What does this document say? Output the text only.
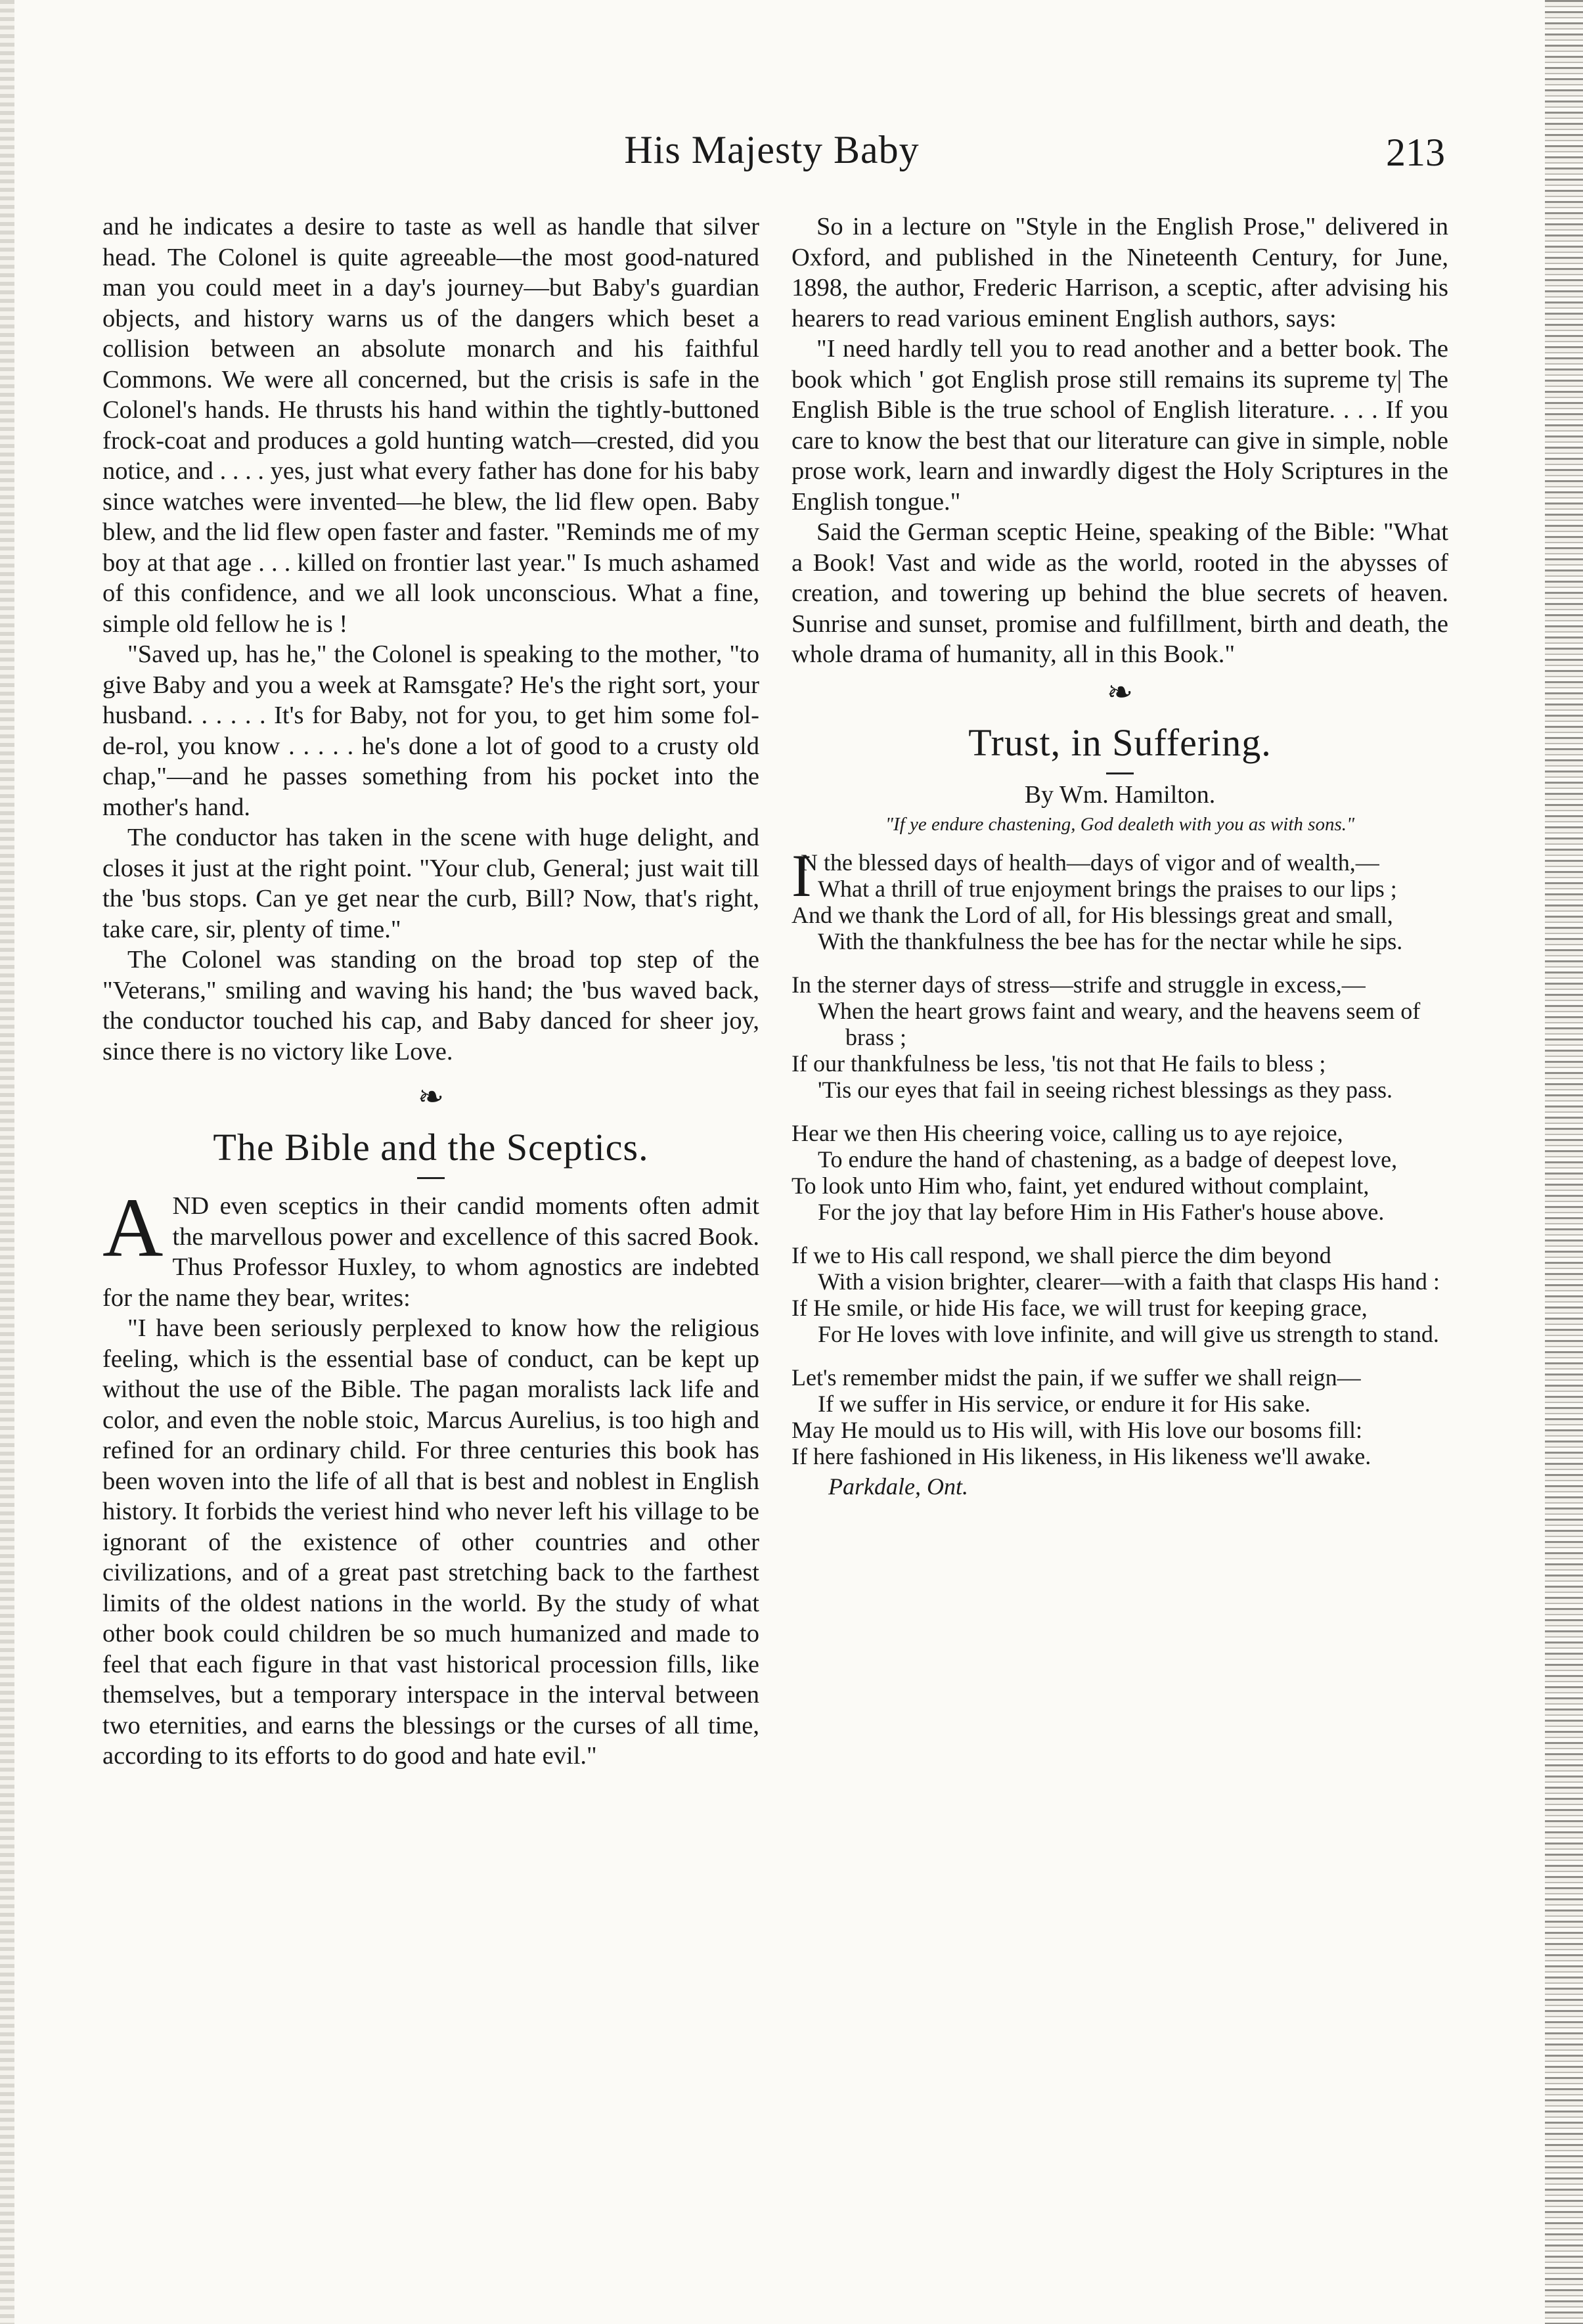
His Majesty Baby	213

and he indicates a desire to taste as well as handle that silver head. The Colonel is quite agreeable—the most good-natured man you could meet in a day's journey—but Baby's guardian objects, and history warns us of the dangers which beset a collision between an absolute monarch and his faithful Commons. We were all concerned, but the crisis is safe in the Colonel's hands. He thrusts his hand within the tightly-buttoned frock-coat and produces a gold hunting watch—crested, did you notice, and . . . . yes, just what every father has done for his baby since watches were invented—he blew, the lid flew open. Baby blew, and the lid flew open faster and faster. "Reminds me of my boy at that age . . . killed on frontier last year." Is much ashamed of this confidence, and we all look unconscious. What a fine, simple old fellow he is !

"Saved up, has he," the Colonel is speaking to the mother, "to give Baby and you a week at Ramsgate? He's the right sort, your husband. . . . . . It's for Baby, not for you, to get him some fol-de-rol, you know . . . . . he's done a lot of good to a crusty old chap,"—and he passes something from his pocket into the mother's hand.

The conductor has taken in the scene with huge delight, and closes it just at the right point. "Your club, General; just wait till the 'bus stops. Can ye get near the curb, Bill? Now, that's right, take care, sir, plenty of time."

The Colonel was standing on the broad top step of the "Veterans," smiling and waving his hand; the 'bus waved back, the conductor touched his cap, and Baby danced for sheer joy, since there is no victory like Love.

❧
The Bible and the Sceptics.

AND even sceptics in their candid moments often admit the marvellous power and excellence of this sacred Book. Thus Professor Huxley, to whom agnostics are indebted for the name they bear, writes:

"I have been seriously perplexed to know how the religious feeling, which is the essential base of conduct, can be kept up without the use of the Bible. The pagan moralists lack life and color, and even the noble stoic, Marcus Aurelius, is too high and refined for an ordinary child. For three centuries this book has been woven into the life of all that is best and noblest in English history. It forbids the veriest hind who never left his village to be ignorant of the existence of other countries and other civilizations, and of a great past stretching back to the farthest limits of the oldest nations in the world. By the study of what other book could children be so much humanized and made to feel that each figure in that vast historical procession fills, like themselves, but a temporary interspace in the interval between two eternities, and earns the blessings or the curses of all time, according to its efforts to do good and hate evil."

So in a lecture on "Style in the English Prose," delivered in Oxford, and published in the Nineteenth Century, for June, 1898, the author, Frederic Harrison, a sceptic, after advising his hearers to read various eminent English authors, says:

"I need hardly tell you to read another and a better book. The book which ' got English prose still remains its supreme ty| The English Bible is the true school of English literature. . . . If you care to know the best that our literature can give in simple, noble prose work, learn and inwardly digest the Holy Scriptures in the English tongue."

Said the German sceptic Heine, speaking of the Bible: "What a Book! Vast and wide as the world, rooted in the abysses of creation, and towering up behind the blue secrets of heaven. Sunrise and sunset, promise and fulfillment, birth and death, the whole drama of humanity, all in this Book."

❧
Trust, in Suffering.
By Wm. Hamilton.
"If ye endure chastening, God dealeth with you as with sons."
I
N the blessed days of health—days of vigor and of wealth,—
What a thrill of true enjoyment brings the praises to our lips ;
And we thank the Lord of all, for His blessings great and small,
With the thankfulness the bee has for the nectar while he sips.
In the sterner days of stress—strife and struggle in excess,—
When the heart grows faint and weary, and the heavens seem of brass ;
If our thankfulness be less, 'tis not that He fails to bless ;
'Tis our eyes that fail in seeing richest blessings as they pass.
Hear we then His cheering voice, calling us to aye rejoice,
To endure the hand of chastening, as a badge of deepest love,
To look unto Him who, faint, yet endured without complaint,
For the joy that lay before Him in His Father's house above.
If we to His call respond, we shall pierce the dim beyond
With a vision brighter, clearer—with a faith that clasps His hand :
If He smile, or hide His face, we will trust for keeping grace,
For He loves with love infinite, and will give us strength to stand.
Let's remember midst the pain, if we suffer we shall reign—
If we suffer in His service, or endure it for His sake.
May He mould us to His will, with His love our bosoms fill:
If here fashioned in His likeness, in His likeness we'll awake.
Parkdale, Ont.
